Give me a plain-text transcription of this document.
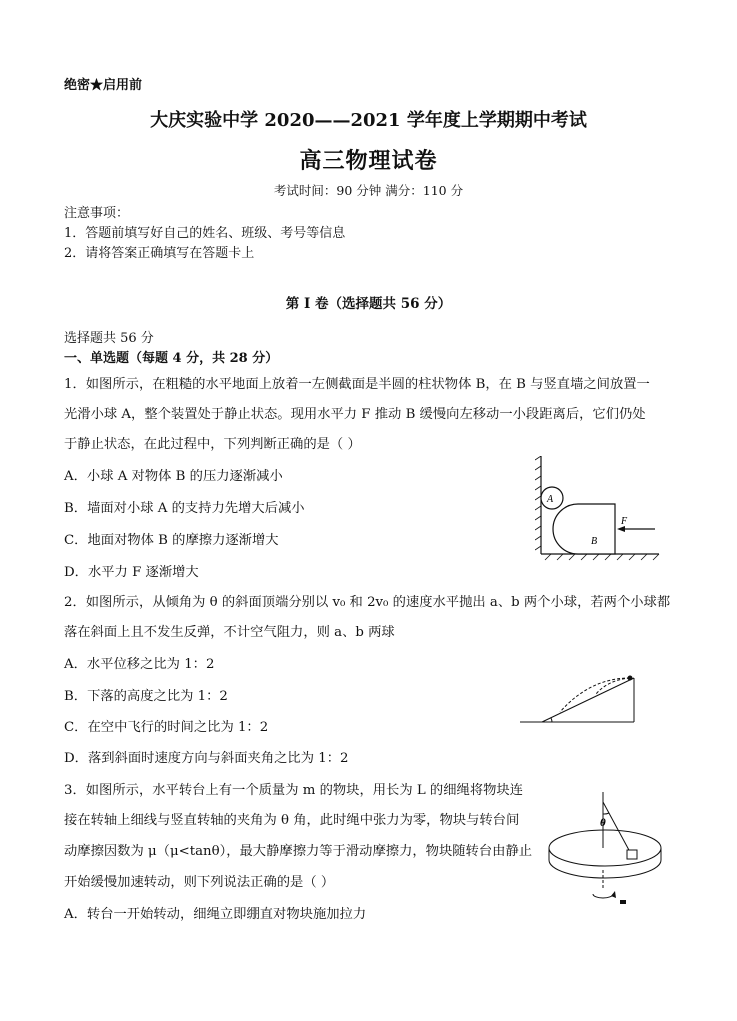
绝密★启用前
大庆实验中学 2020——2021 学年度上学期期中考试
高三物理试卷
考试时间：90 分钟 满分：110 分
注意事项：
1．答题前填写好自己的姓名、班级、考号等信息
2．请将答案正确填写在答题卡上
第 I 卷（选择题共 56 分）
选择题共 56 分
一、单选题（每题 4 分，共 28 分）
1．如图所示，在粗糙的水平地面上放着一左侧截面是半圆的柱状物体 B，在 B 与竖直墙之间放置一
光滑小球 A，整个装置处于静止状态。现用水平力 F 推动 B 缓慢向左移动一小段距离后，它们仍处
于静止状态，在此过程中，下列判断正确的是（ ）
A．小球 A 对物体 B 的压力逐渐减小
B．墙面对小球 A 的支持力先增大后减小
C．地面对物体 B 的摩擦力逐渐增大
D．水平力 F 逐渐增大
A
B
F
2．如图所示，从倾角为 θ 的斜面顶端分别以 v₀ 和 2v₀ 的速度水平抛出 a、b 两个小球，若两个小球都
落在斜面上且不发生反弹，不计空气阻力，则 a、b 两球
A．水平位移之比为 1：2
B．下落的高度之比为 1：2
C．在空中飞行的时间之比为 1：2
D．落到斜面时速度方向与斜面夹角之比为 1：2
3．如图所示，水平转台上有一个质量为 m 的物块，用长为 L 的细绳将物块连
接在转轴上细线与竖直转轴的夹角为 θ 角，此时绳中张力为零，物块与转台间
动摩擦因数为 μ（μ<tanθ），最大静摩擦力等于滑动摩擦力，物块随转台由静止
开始缓慢加速转动，则下列说法正确的是（ ）
A．转台一开始转动，细绳立即绷直对物块施加拉力
θ
